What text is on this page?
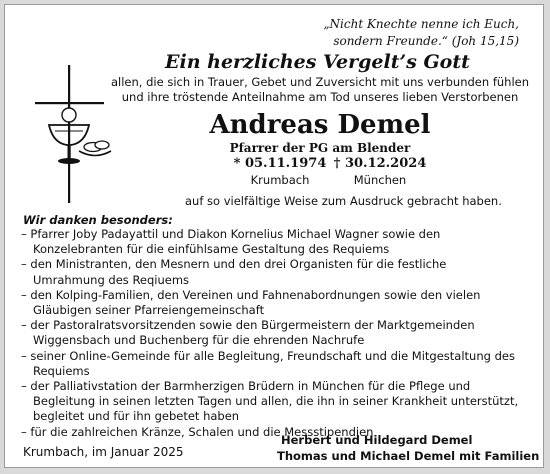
„Nicht Knechte nenne ich Euch,
sondern Freunde.“ (Joh 15,15)
Ein herzliches Vergelt’s Gott
allen, die sich in Trauer, Gebet und Zuversicht mit uns verbunden fühlen
und ihre tröstende Anteilnahme am Tod unseres lieben Verstorbenen
Andreas Demel
Pfarrer der PG am Blender
* 05.11.1974
Krumbach
† 30.12.2024
München
auf so vielfältige Weise zum Ausdruck gebracht haben.
Wir danken besonders:
– Pfarrer Joby Padayattil und Diakon Kornelius Michael Wagner sowie den
Konzelebranten für die einfühlsame Gestaltung des Requiems
– den Ministranten, den Mesnern und den drei Organisten für die festliche
Umrahmung des Reqiuems
– den Kolping-Familien, den Vereinen und Fahnenabordnungen sowie den vielen
Gläubigen seiner Pfarreiengemeinschaft
– der Pastoralratsvorsitzenden sowie den Bürgermeistern der Marktgemeinden
Wiggensbach und Buchenberg für die ehrenden Nachrufe
– seiner Online-Gemeinde für alle Begleitung, Freundschaft und die Mitgestaltung des
Requiems
– der Palliativstation der Barmherzigen Brüdern in München für die Pflege und
Begleitung in seinen letzten Tagen und allen, die ihn in seiner Krankheit unterstützt,
begleitet und für ihn gebetet haben
– für die zahlreichen Kränze, Schalen und die Messstipendien
Krumbach, im Januar 2025
Herbert und Hildegard Demel
Thomas und Michael Demel mit Familien
